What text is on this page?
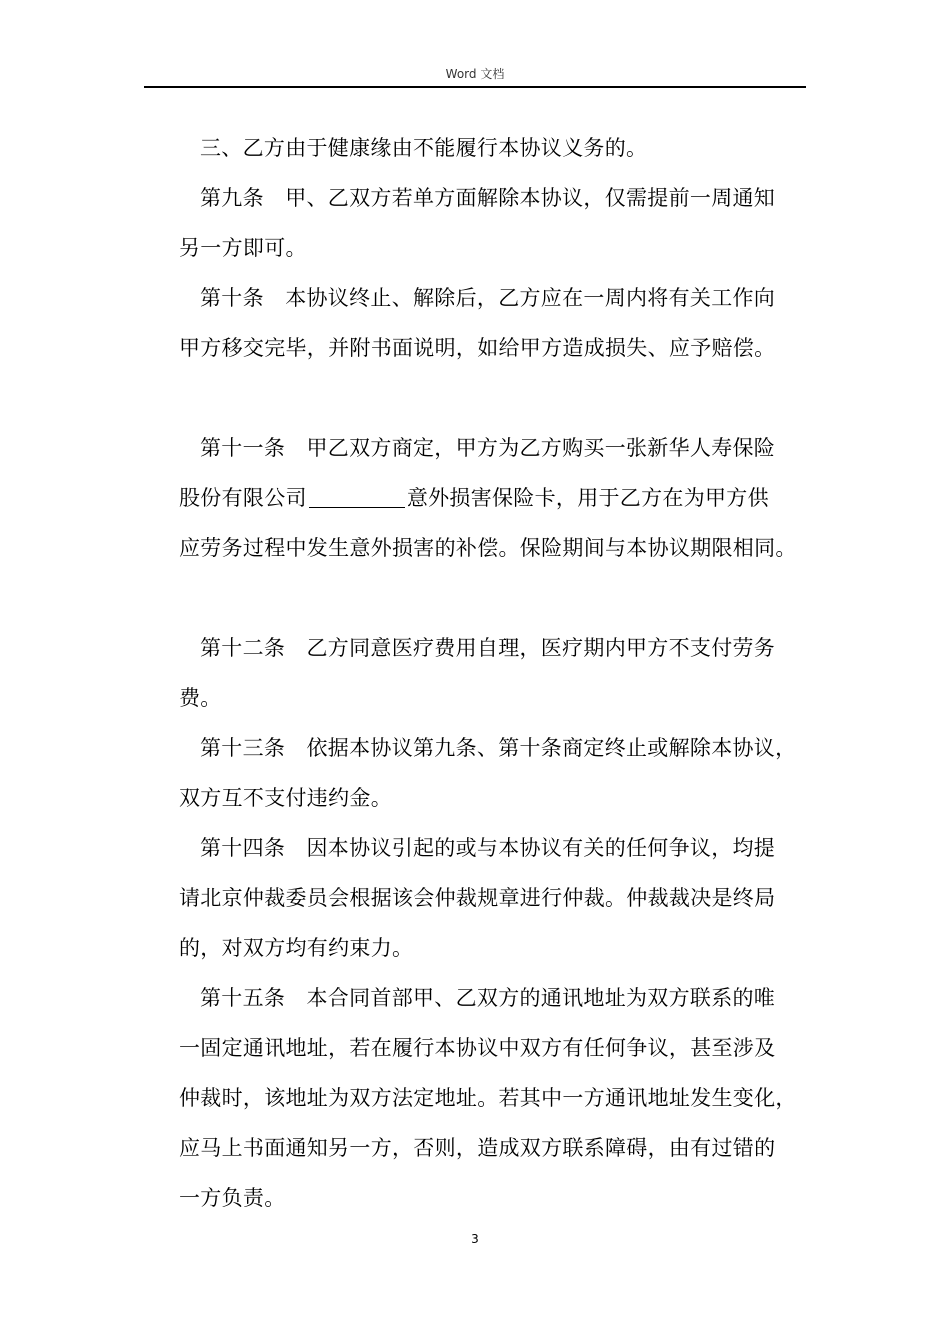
Word 文档
三、乙方由于健康缘由不能履行本协议义务的。
第九条　甲、乙双方若单方面解除本协议，仅需提前一周通知
另一方即可。
第十条　本协议终止、解除后，乙方应在一周内将有关工作向
甲方移交完毕，并附书面说明，如给甲方造成损失、应予赔偿。
第十一条　甲乙双方商定，甲方为乙方购买一张新华人寿保险
股份有限公司	意外损害保险卡，用于乙方在为甲方供
应劳务过程中发生意外损害的补偿。保险期间与本协议期限相同。
第十二条　乙方同意医疗费用自理，医疗期内甲方不支付劳务
费。
第十三条　依据本协议第九条、第十条商定终止或解除本协议，
双方互不支付违约金。
第十四条　因本协议引起的或与本协议有关的任何争议，均提
请北京仲裁委员会根据该会仲裁规章进行仲裁。仲裁裁决是终局
的，对双方均有约束力。
第十五条　本合同首部甲、乙双方的通讯地址为双方联系的唯
一固定通讯地址，若在履行本协议中双方有任何争议，甚至涉及
仲裁时，该地址为双方法定地址。若其中一方通讯地址发生变化，
应马上书面通知另一方，否则，造成双方联系障碍，由有过错的
一方负责。
3
